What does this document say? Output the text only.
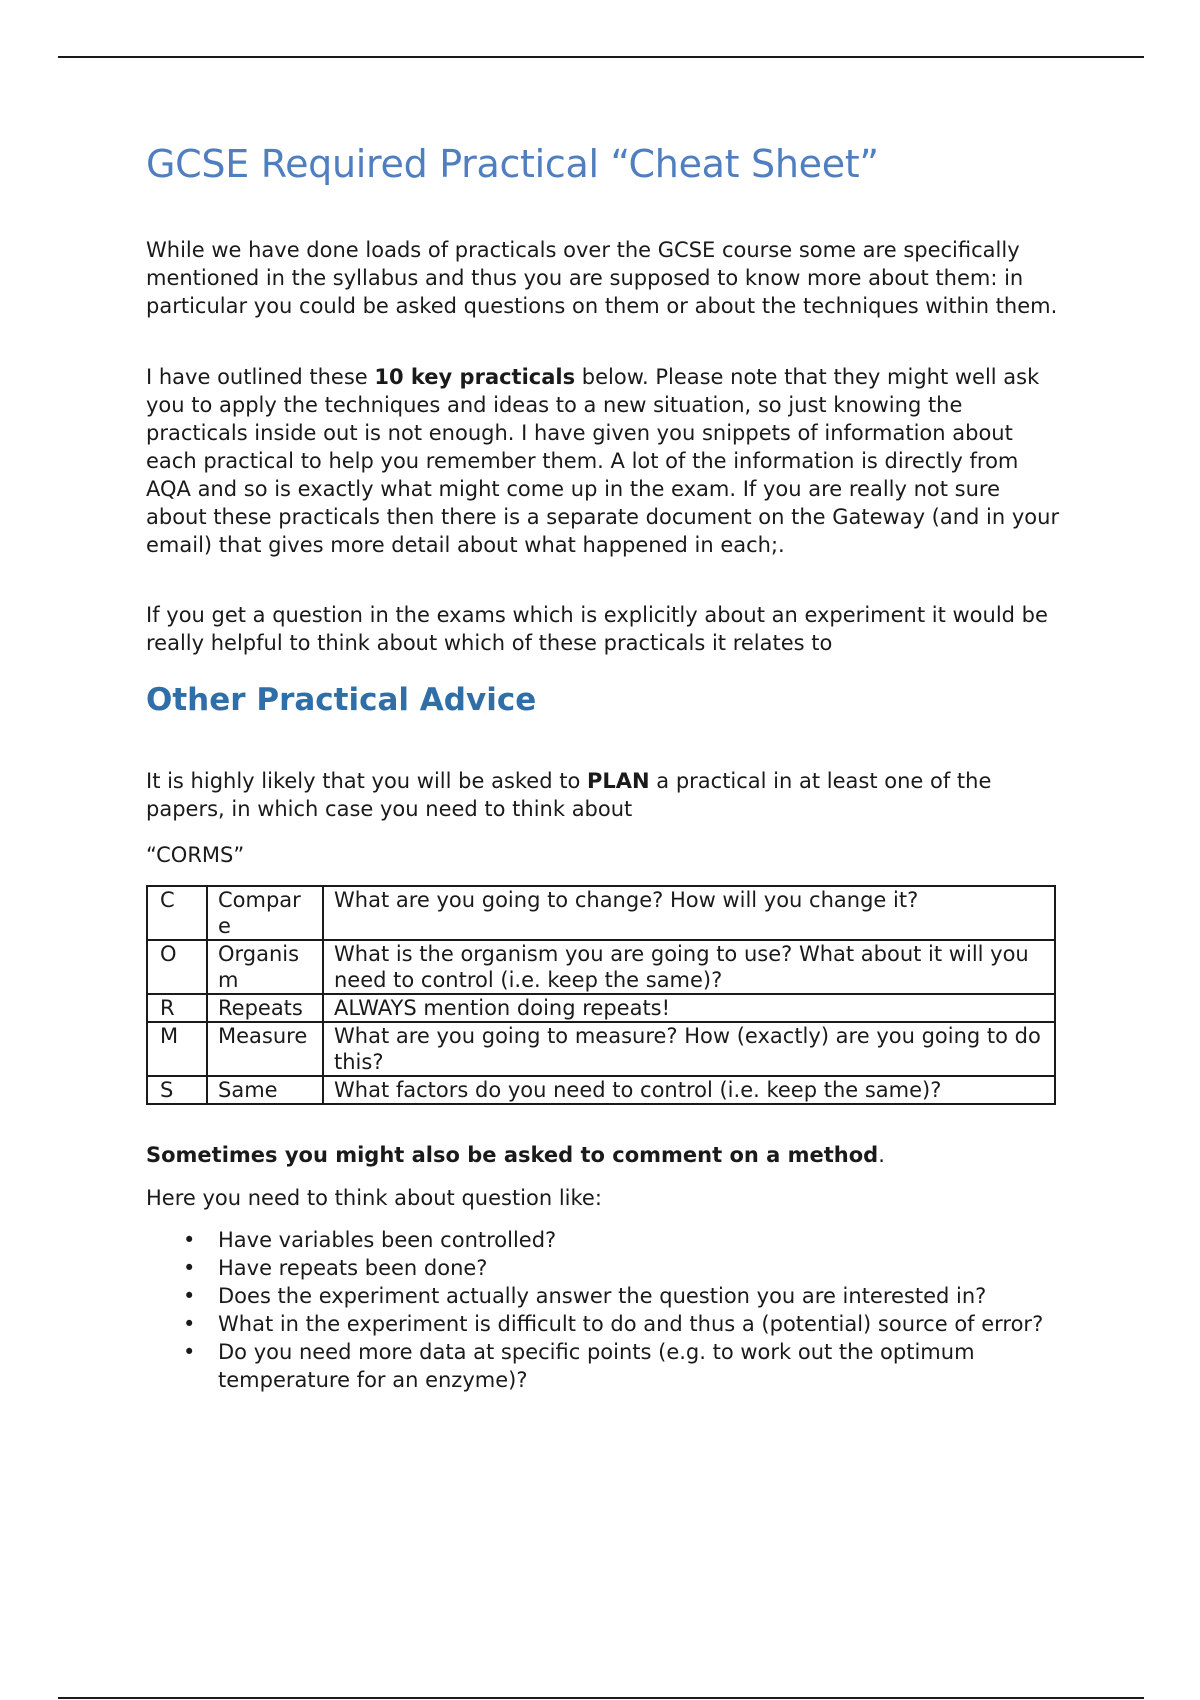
GCSE Required Practical “Cheat Sheet”

While we have done loads of practicals over the GCSE course some are specifically mentioned in the syllabus and thus you are supposed to know more about them: in particular you could be asked questions on them or about the techniques within them.

I have outlined these 10 key practicals below. Please note that they might well ask you to apply the techniques and ideas to a new situation, so just knowing the practicals inside out is not enough. I have given you snippets of information about each practical to help you remember them. A lot of the information is directly from AQA and so is exactly what might come up in the exam. If you are really not sure about these practicals then there is a separate document on the Gateway (and in your email) that gives more detail about what happened in each;.

If you get a question in the exams which is explicitly about an experiment it would be really helpful to think about which of these practicals it relates to

Other Practical Advice

It is highly likely that you will be asked to PLAN a practical in at least one of the papers, in which case you need to think about

“CORMS”

C	Compare	What are you going to change? How will you change it?
O	Organism	What is the organism you are going to use? What about it will you need to control (i.e. keep the same)?
R	Repeats	ALWAYS mention doing repeats!
M	Measure	What are you going to measure? How (exactly) are you going to do this?
S	Same	What factors do you need to control (i.e. keep the same)?

Sometimes you might also be asked to comment on a method.

Here you need to think about question like:

• Have variables been controlled?
• Have repeats been done?
• Does the experiment actually answer the question you are interested in?
• What in the experiment is difficult to do and thus a (potential) source of error?
• Do you need more data at specific points (e.g. to work out the optimum temperature for an enzyme)?
